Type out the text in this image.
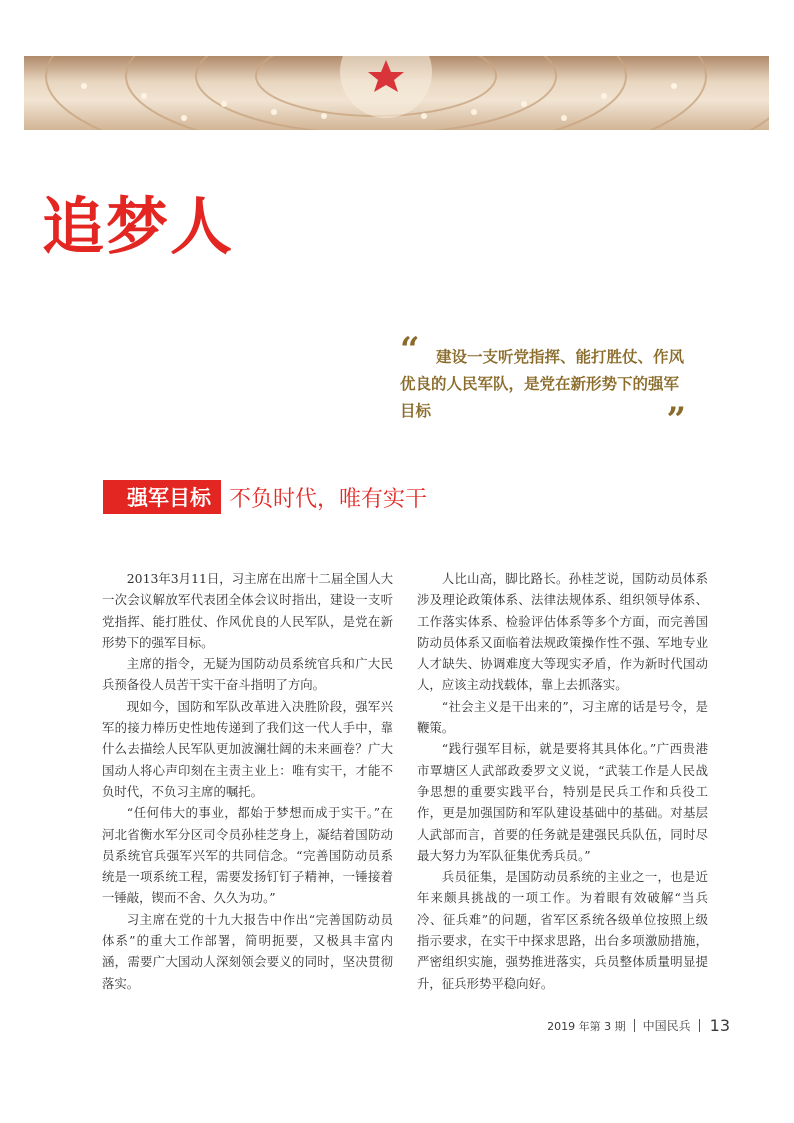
追梦人
“	建设一支听党指挥、能打胜仗、作风优良的人民军队，是党在新形势下的强军目标	”
强军目标 不负时代，唯有实干

2013年3月11日，习主席在出席十二届全国人大一次会议解放军代表团全体会议时指出，建设一支听党指挥、能打胜仗、作风优良的人民军队，是党在新形势下的强军目标。

主席的指令，无疑为国防动员系统官兵和广大民兵预备役人员苦干实干奋斗指明了方向。

现如今，国防和军队改革进入决胜阶段，强军兴军的接力棒历史性地传递到了我们这一代人手中，靠什么去描绘人民军队更加波澜壮阔的未来画卷？广大国动人将心声印刻在主责主业上：唯有实干，才能不负时代，不负习主席的嘱托。

“任何伟大的事业，都始于梦想而成于实干。”在河北省衡水军分区司令员孙桂芝身上，凝结着国防动员系统官兵强军兴军的共同信念。“完善国防动员系统是一项系统工程，需要发扬钉钉子精神，一锤接着一锤敲，锲而不舍、久久为功。”

习主席在党的十九大报告中作出“完善国防动员体系”的重大工作部署，简明扼要，又极具丰富内涵，需要广大国动人深刻领会要义的同时，坚决贯彻落实。

人比山高，脚比路长。孙桂芝说，国防动员体系涉及理论政策体系、法律法规体系、组织领导体系、工作落实体系、检验评估体系等多个方面，而完善国防动员体系又面临着法规政策操作性不强、军地专业人才缺失、协调难度大等现实矛盾，作为新时代国动人，应该主动找载体，靠上去抓落实。

“社会主义是干出来的”，习主席的话是号令，是鞭策。

“践行强军目标，就是要将其具体化。”广西贵港市覃塘区人武部政委罗文义说，“武装工作是人民战争思想的重要实践平台，特别是民兵工作和兵役工作，更是加强国防和军队建设基础中的基础。对基层人武部而言，首要的任务就是建强民兵队伍，同时尽最大努力为军队征集优秀兵员。”

兵员征集，是国防动员系统的主业之一，也是近年来颇具挑战的一项工作。为着眼有效破解“当兵冷、征兵难”的问题，省军区系统各级单位按照上级指示要求，在实干中探求思路，出台多项激励措施，严密组织实施，强势推进落实，兵员整体质量明显提升，征兵形势平稳向好。

2019 年第 3 期 中国民兵 13
